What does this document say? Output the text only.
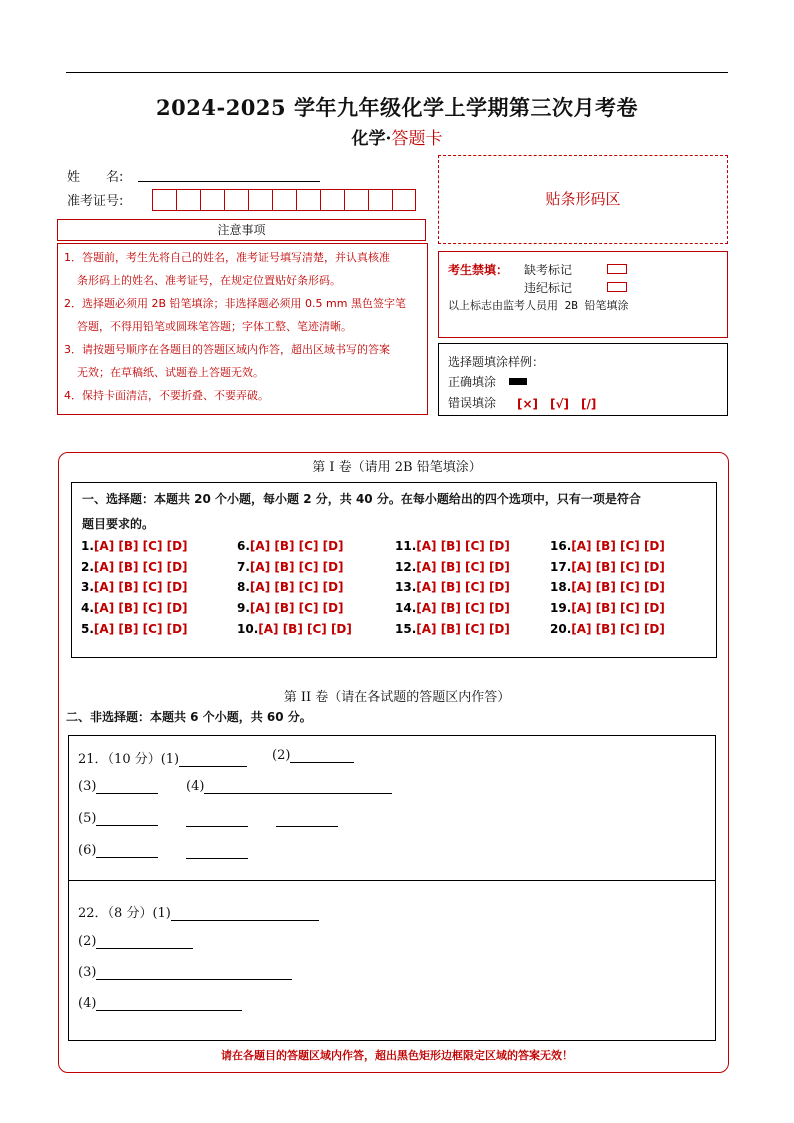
2024-2025 学年九年级化学上学期第三次月考卷
化学·答题卡
姓　　名:
准考证号:	贴条形码区
注意事项
1．答题前，考生先将自己的姓名，准考证号填写清楚，并认真核准
条形码上的姓名、准考证号，在规定位置贴好条形码。
2．选择题必须用 2B 铅笔填涂；非选择题必须用 0.5 mm 黑色签字笔
答题，不得用铅笔或圆珠笔答题；字体工整、笔迹清晰。
3．请按题号顺序在各题目的答题区域内作答，超出区域书写的答案
无效；在草稿纸、试题卷上答题无效。
4．保持卡面清洁，不要折叠、不要弄破。
考生禁填： 缺考标记
违纪标记
以上标志由监考人员用 2B 铅笔填涂
选择题填涂样例：
正确填涂
错误填涂 [×]　[√]　[/]
第 I 卷（请用 2B 铅笔填涂）
一、选择题：本题共 20 个小题，每小题 2 分，共 40 分。在每小题给出的四个选项中，只有一项是符合
题目要求的。
1.[A] [B] [C] [D]
2.[A] [B] [C] [D]
3.[A] [B] [C] [D]
4.[A] [B] [C] [D]
5.[A] [B] [C] [D]
6.[A] [B] [C] [D]
7.[A] [B] [C] [D]
8.[A] [B] [C] [D]
9.[A] [B] [C] [D]
10.[A] [B] [C] [D]
11.[A] [B] [C] [D]
12.[A] [B] [C] [D]
13.[A] [B] [C] [D]
14.[A] [B] [C] [D]
15.[A] [B] [C] [D]
16.[A] [B] [C] [D]
17.[A] [B] [C] [D]
18.[A] [B] [C] [D]
19.[A] [B] [C] [D]
20.[A] [B] [C] [D]
第 II 卷（请在各试题的答题区内作答）
二、非选择题：本题共 6 个小题，共 60 分。
21．（10 分）(1)	(2)
(3)	(4)
(5)
(6)
22．（8 分）(1)
(2)
(3)
(4)
请在各题目的答题区域内作答，超出黑色矩形边框限定区域的答案无效！
